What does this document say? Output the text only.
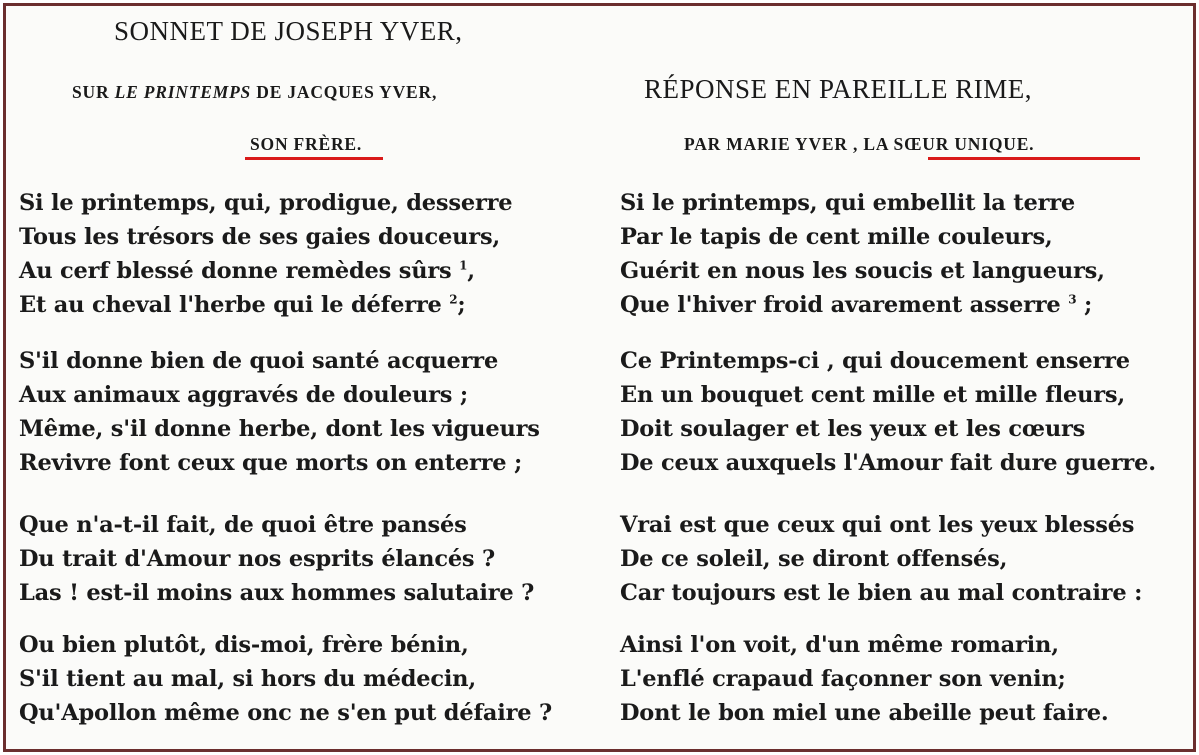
SONNET DE JOSEPH YVER,
SUR LE PRINTEMPS DE JACQUES YVER,
SON FRÈRE.
Si le printemps, qui, prodigue, desserre
Tous les trésors de ses gaies douceurs,
Au cerf blessé donne remèdes sûrs $^1$,
Et au cheval l'herbe qui le déferre $^2$;
S'il donne bien de quoi santé acquerre
Aux animaux aggravés de douleurs ;
Même, s'il donne herbe, dont les vigueurs
Revivre font ceux que morts on enterre ;
Que n'a-t-il fait, de quoi être pansés
Du trait d'Amour nos esprits élancés ?
Las ! est-il moins aux hommes salutaire ?
Ou bien plutôt, dis-moi, frère bénin,
S'il tient au mal, si hors du médecin,
Qu'Apollon même onc ne s'en put défaire ?
RÉPONSE EN PAREILLE RIME,
PAR MARIE YVER , LA SŒUR UNIQUE.
Si le printemps, qui embellit la terre
Par le tapis de cent mille couleurs,
Guérit en nous les soucis et langueurs,
Que l'hiver froid avarement asserre $^3$ ;
Ce Printemps-ci , qui doucement enserre
En un bouquet cent mille et mille fleurs,
Doit soulager et les yeux et les cœurs
De ceux auxquels l'Amour fait dure guerre.
Vrai est que ceux qui ont les yeux blessés
De ce soleil, se diront offensés,
Car toujours est le bien au mal contraire :
Ainsi l'on voit, d'un même romarin,
L'enflé crapaud façonner son venin;
Dont le bon miel une abeille peut faire.
